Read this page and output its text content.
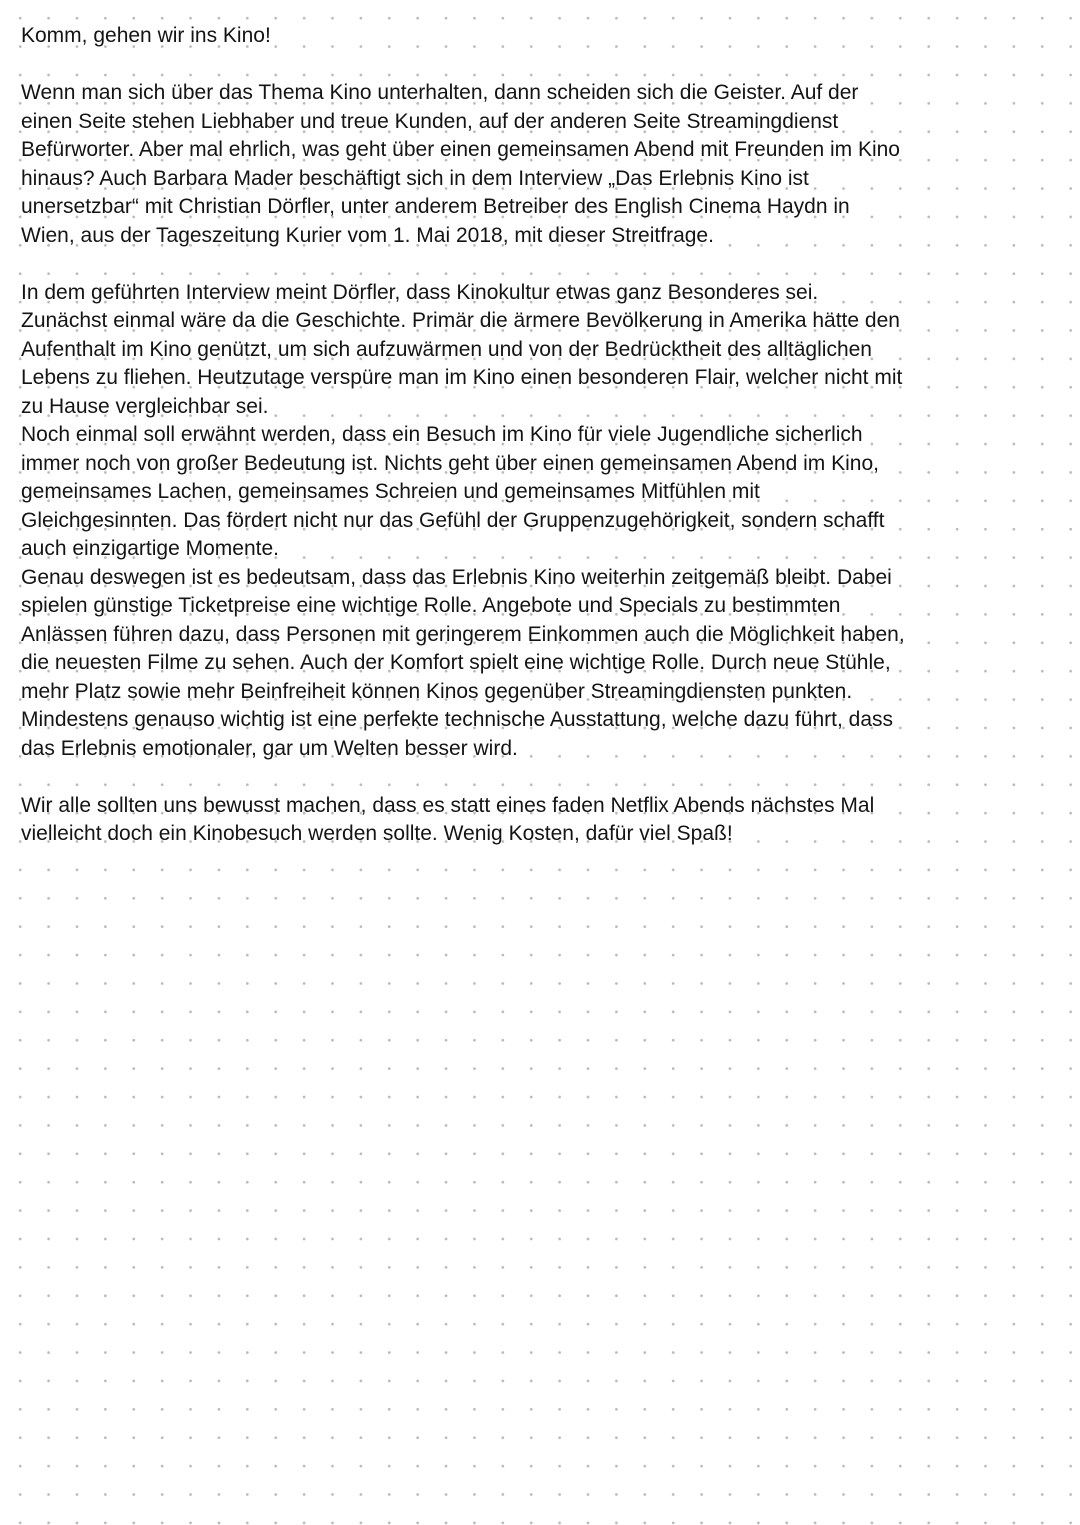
Komm, gehen wir ins Kino!

Wenn man sich über das Thema Kino unterhalten, dann scheiden sich die Geister. Auf der
einen Seite stehen Liebhaber und treue Kunden, auf der anderen Seite Streamingdienst
Befürworter. Aber mal ehrlich, was geht über einen gemeinsamen Abend mit Freunden im Kino
hinaus? Auch Barbara Mader beschäftigt sich in dem Interview „Das Erlebnis Kino ist
unersetzbar“ mit Christian Dörfler, unter anderem Betreiber des English Cinema Haydn in
Wien, aus der Tageszeitung Kurier vom 1. Mai 2018, mit dieser Streitfrage.

In dem geführten Interview meint Dörfler, dass Kinokultur etwas ganz Besonderes sei.
Zunächst einmal wäre da die Geschichte. Primär die ärmere Bevölkerung in Amerika hätte den
Aufenthalt im Kino genützt, um sich aufzuwärmen und von der Bedrücktheit des alltäglichen
Lebens zu fliehen. Heutzutage verspüre man im Kino einen besonderen Flair, welcher nicht mit
zu Hause vergleichbar sei.

Noch einmal soll erwähnt werden, dass ein Besuch im Kino für viele Jugendliche sicherlich
immer noch von großer Bedeutung ist. Nichts geht über einen gemeinsamen Abend im Kino,
gemeinsames Lachen, gemeinsames Schreien und gemeinsames Mitfühlen mit
Gleichgesinnten. Das fördert nicht nur das Gefühl der Gruppenzugehörigkeit, sondern schafft
auch einzigartige Momente.

Genau deswegen ist es bedeutsam, dass das Erlebnis Kino weiterhin zeitgemäß bleibt. Dabei
spielen günstige Ticketpreise eine wichtige Rolle. Angebote und Specials zu bestimmten
Anlässen führen dazu, dass Personen mit geringerem Einkommen auch die Möglichkeit haben,
die neuesten Filme zu sehen. Auch der Komfort spielt eine wichtige Rolle. Durch neue Stühle,
mehr Platz sowie mehr Beinfreiheit können Kinos gegenüber Streamingdiensten punkten.
Mindestens genauso wichtig ist eine perfekte technische Ausstattung, welche dazu führt, dass
das Erlebnis emotionaler, gar um Welten besser wird.

Wir alle sollten uns bewusst machen, dass es statt eines faden Netflix Abends nächstes Mal
vielleicht doch ein Kinobesuch werden sollte. Wenig Kosten, dafür viel Spaß!
